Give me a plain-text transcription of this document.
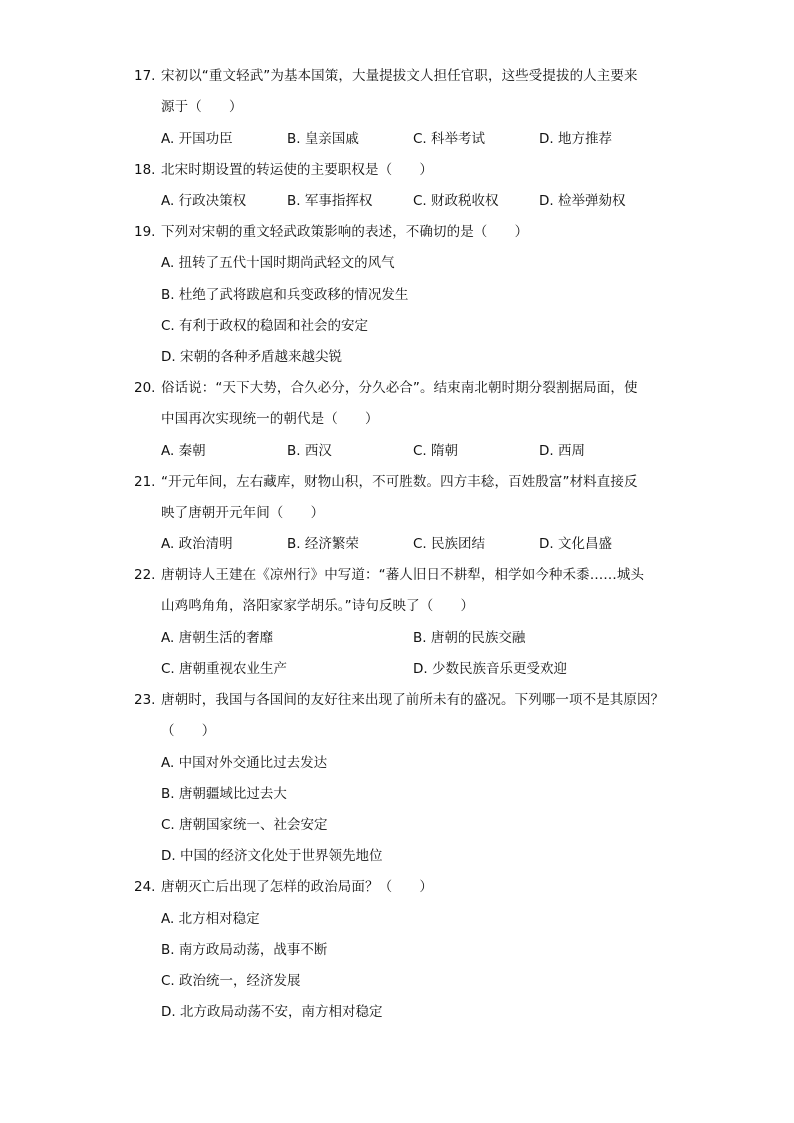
17. 宋初以“重文轻武”为基本国策，大量提拔文人担任官职，这些受提拔的人主要来
源于（　　）
A. 开国功臣	B. 皇亲国戚	C. 科举考试	D. 地方推荐
18. 北宋时期设置的转运使的主要职权是（　　）
A. 行政决策权	B. 军事指挥权	C. 财政税收权	D. 检举弹劾权
19. 下列对宋朝的重文轻武政策影响的表述，不确切的是（　　）
A. 扭转了五代十国时期尚武轻文的风气
B. 杜绝了武将跋扈和兵变政移的情况发生
C. 有利于政权的稳固和社会的安定
D. 宋朝的各种矛盾越来越尖锐
20. 俗话说：“天下大势，合久必分，分久必合”。结束南北朝时期分裂割据局面，使
中国再次实现统一的朝代是（　　）
A. 秦朝	B. 西汉	C. 隋朝	D. 西周
21. “开元年间，左右藏库，财物山积，不可胜数。四方丰稔，百姓殷富”材料直接反
映了唐朝开元年间（　　）
A. 政治清明	B. 经济繁荣	C. 民族团结	D. 文化昌盛
22. 唐朝诗人王建在《凉州行》中写道：“蕃人旧日不耕犁，相学如今种禾黍……城头
山鸡鸣角角，洛阳家家学胡乐。”诗句反映了（　　）
A. 唐朝生活的奢靡	B. 唐朝的民族交融
C. 唐朝重视农业生产	D. 少数民族音乐更受欢迎
23. 唐朝时，我国与各国间的友好往来出现了前所未有的盛况。下列哪一项不是其原因？
（　　）
A. 中国对外交通比过去发达
B. 唐朝疆域比过去大
C. 唐朝国家统一、社会安定
D. 中国的经济文化处于世界领先地位
24. 唐朝灭亡后出现了怎样的政治局面？（　　）
A. 北方相对稳定
B. 南方政局动荡，战事不断
C. 政治统一，经济发展
D. 北方政局动荡不安，南方相对稳定
